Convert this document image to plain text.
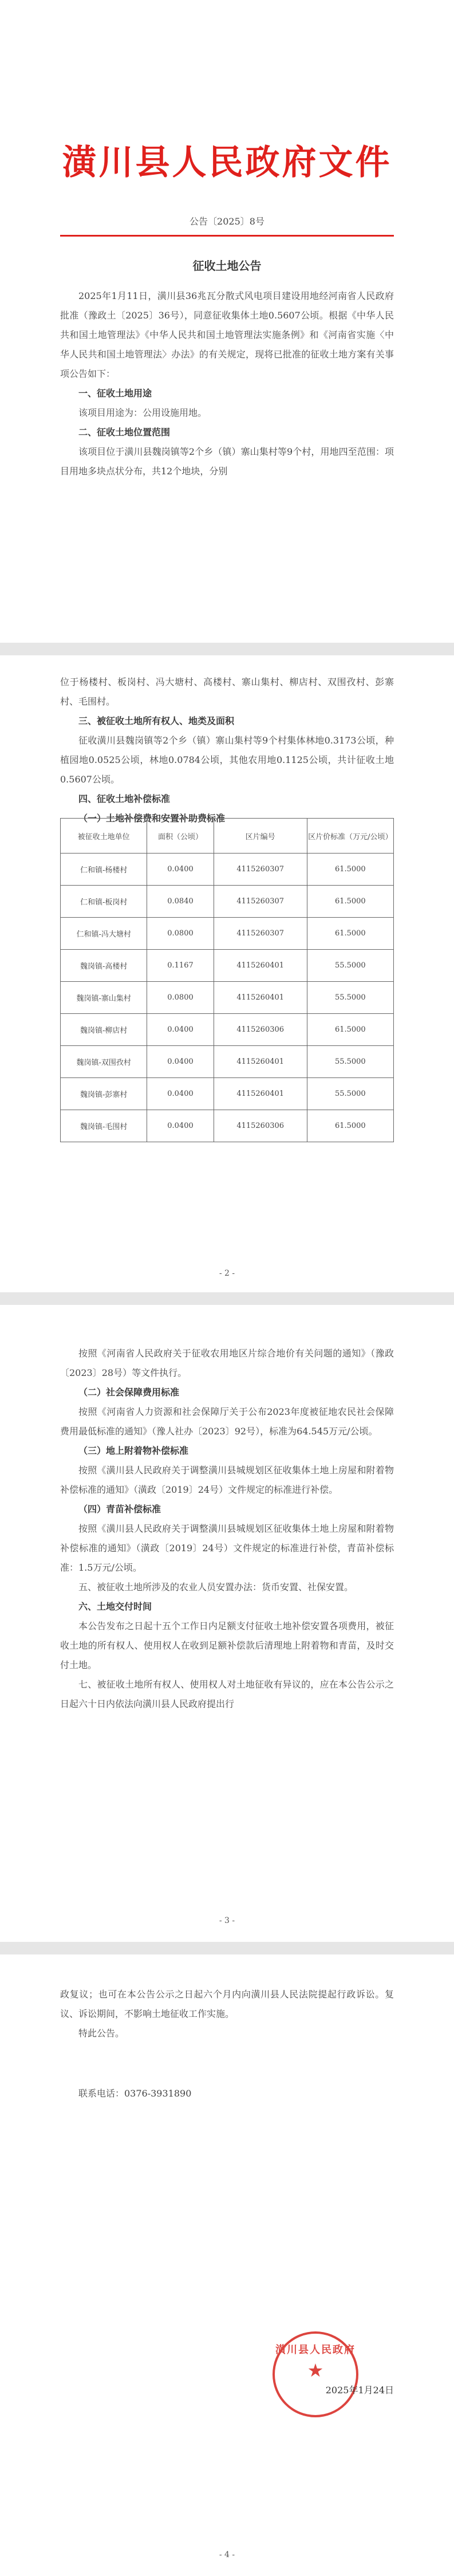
潢川县人民政府文件
公告〔2025〕8号
征收土地公告

2025年1月11日，潢川县36兆瓦分散式风电项目建设用地经河南省人民政府批准（豫政土〔2025〕36号），同意征收集体土地0.5607公顷。根据《中华人民共和国土地管理法》《中华人民共和国土地管理法实施条例》和《河南省实施〈中华人民共和国土地管理法〉办法》的有关规定，现将已批准的征收土地方案有关事项公告如下：

一、征收土地用途

该项目用途为：公用设施用地。

二、征收土地位置范围

该项目位于潢川县魏岗镇等2个乡（镇）寨山集村等9个村，用地四至范围：项目用地多块点状分布，共12个地块，分别

位于杨楼村、板岗村、冯大塘村、高楼村、寨山集村、柳店村、双围孜村、彭寨村、毛围村。

三、被征收土地所有权人、地类及面积

征收潢川县魏岗镇等2个乡（镇）寨山集村等9个村集体林地0.3173公顷，种植园地0.0525公顷，林地0.0784公顷，其他农用地0.1125公顷，共计征收土地0.5607公顷。

四、征收土地补偿标准

（一）土地补偿费和安置补助费标准

被征收土地单位	面积（公顷）	区片编号	区片价标准（万元/公顷）
仁和镇-杨楼村	0.0400	4115260307	61.5000
仁和镇-板岗村	0.0840	4115260307	61.5000
仁和镇-冯大塘村	0.0800	4115260307	61.5000
魏岗镇-高楼村	0.1167	4115260401	55.5000
魏岗镇-寨山集村	0.0800	4115260401	55.5000
魏岗镇-柳店村	0.0400	4115260306	61.5000
魏岗镇-双围孜村	0.0400	4115260401	55.5000
魏岗镇-彭寨村	0.0400	4115260401	55.5000
魏岗镇-毛围村	0.0400	4115260306	61.5000
- 2 -

按照《河南省人民政府关于征收农用地区片综合地价有关问题的通知》（豫政〔2023〕28号）等文件执行。

（二）社会保障费用标准

按照《河南省人力资源和社会保障厅关于公布2023年度被征地农民社会保障费用最低标准的通知》（豫人社办〔2023〕92号），标准为64.545万元/公顷。

（三）地上附着物补偿标准

按照《潢川县人民政府关于调整潢川县城规划区征收集体土地上房屋和附着物补偿标准的通知》（潢政〔2019〕24号）文件规定的标准进行补偿。

（四）青苗补偿标准

按照《潢川县人民政府关于调整潢川县城规划区征收集体土地上房屋和附着物补偿标准的通知》（潢政〔2019〕24号）文件规定的标准进行补偿，青苗补偿标准：1.5万元/公顷。

五、被征收土地所涉及的农业人员安置办法：货币安置、社保安置。

六、土地交付时间

本公告发布之日起十五个工作日内足额支付征收土地补偿安置各项费用，被征收土地的所有权人、使用权人在收到足额补偿款后清理地上附着物和青苗，及时交付土地。

七、被征收土地所有权人、使用权人对土地征收有异议的，应在本公告公示之日起六十日内依法向潢川县人民政府提出行

- 3 -

政复议；也可在本公告公示之日起六个月内向潢川县人民法院提起行政诉讼。复议、诉讼期间，不影响土地征收工作实施。

特此公告。

联系电话：0376-3931890

潢川县人民政府
★
2025年1月24日
- 4 -
